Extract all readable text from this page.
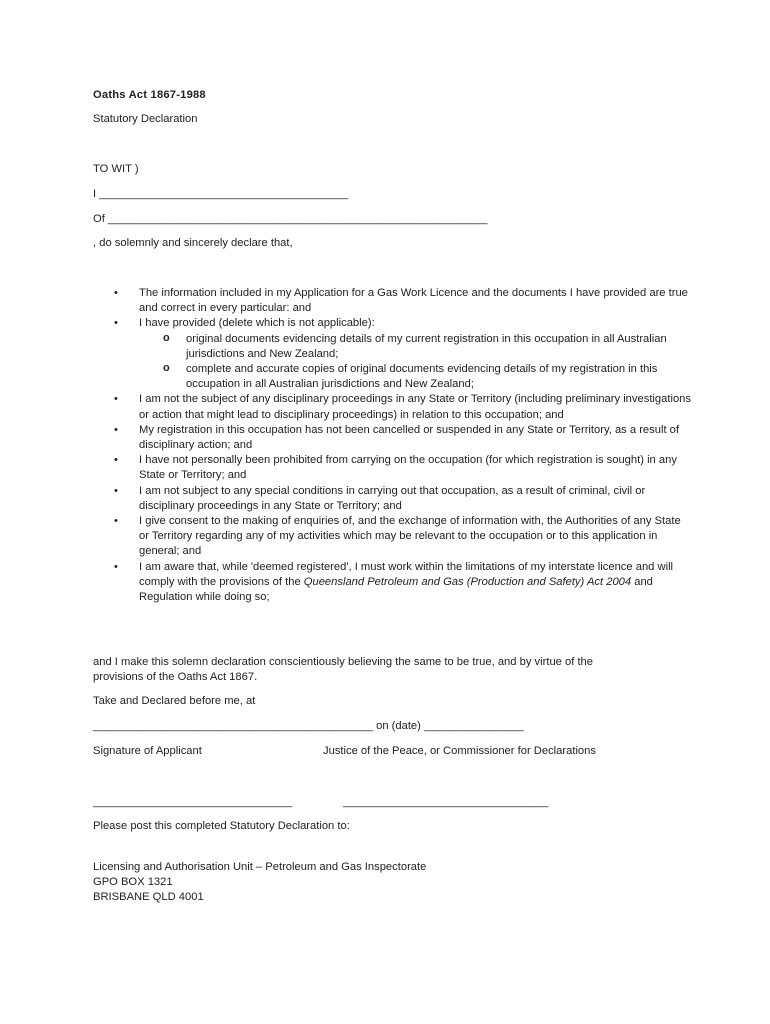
Oaths Act 1867-1988
Statutory Declaration
TO WIT )
I ________________________________________
Of _____________________________________________________________
, do solemnly and sincerely declare that,
• The information included in my Application for a Gas Work Licence and the documents I have provided are true and correct in every particular: and
• I have provided (delete which is not applicable):
o original documents evidencing details of my current registration in this occupation in all Australian jurisdictions and New Zealand;
o complete and accurate copies of original documents evidencing details of my registration in this occupation in all Australian jurisdictions and New Zealand;
• I am not the subject of any disciplinary proceedings in any State or Territory (including preliminary investigations or action that might lead to disciplinary proceedings) in relation to this occupation; and
• My registration in this occupation has not been cancelled or suspended in any State or Territory, as a result of disciplinary action; and
• I have not personally been prohibited from carrying on the occupation (for which registration is sought) in any State or Territory; and
• I am not subject to any special conditions in carrying out that occupation, as a result of criminal, civil or disciplinary proceedings in any State or Territory; and
• I give consent to the making of enquiries of, and the exchange of information with, the Authorities of any State or Territory regarding any of my activities which may be relevant to the occupation or to this application in general; and
• I am aware that, while 'deemed registered', I must work within the limitations of my interstate licence and will comply with the provisions of the Queensland Petroleum and Gas (Production and Safety) Act 2004 and Regulation while doing so;
and I make this solemn declaration conscientiously believing the same to be true, and by virtue of the
provisions of the Oaths Act 1867.
Take and Declared before me, at
_____________________________________________ on (date) ________________
Signature of Applicant	Justice of the Peace, or Commissioner for Declarations
________________________________	_________________________________
Please post this completed Statutory Declaration to:
Licensing and Authorisation Unit – Petroleum and Gas Inspectorate
GPO BOX 1321
BRISBANE QLD 4001
